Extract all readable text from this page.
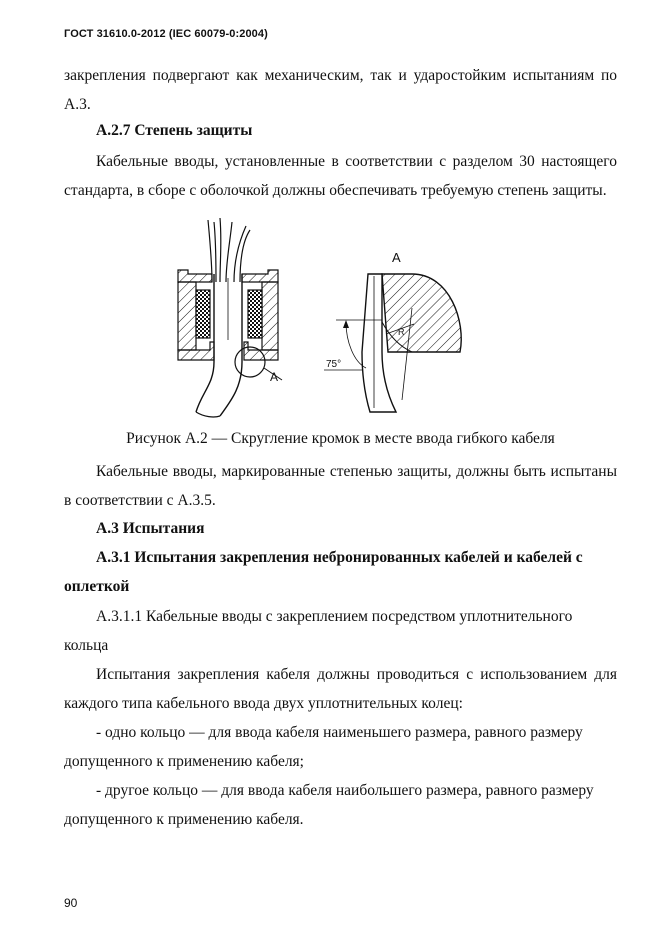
ГОСТ 31610.0-2012 (IEC 60079-0:2004)
закрепления подвергают как механическим, так и ударостойким испытаниям по А.3.
А.2.7 Степень защиты
Кабельные вводы, установленные в соответствии с разделом 30 настоящего стандарта, в сборе с оболочкой должны обеспечивать требуемую степень защиты.
A
A
R
75°
Рисунок А.2 — Скругление кромок в месте ввода гибкого кабеля
Кабельные вводы, маркированные степенью защиты, должны быть испытаны в соответствии с А.3.5.
А.3 Испытания
А.3.1 Испытания закрепления небронированных кабелей и кабелей с
оплеткой
А.3.1.1 Кабельные вводы с закреплением посредством уплотнительного кольца
Испытания закрепления кабеля должны проводиться с использованием для каждого типа кабельного ввода двух уплотнительных колец:
- одно кольцо — для ввода кабеля наименьшего размера, равного размеру допущенного к применению кабеля;
- другое кольцо — для ввода кабеля наибольшего размера, равного размеру допущенного к применению кабеля.
90
